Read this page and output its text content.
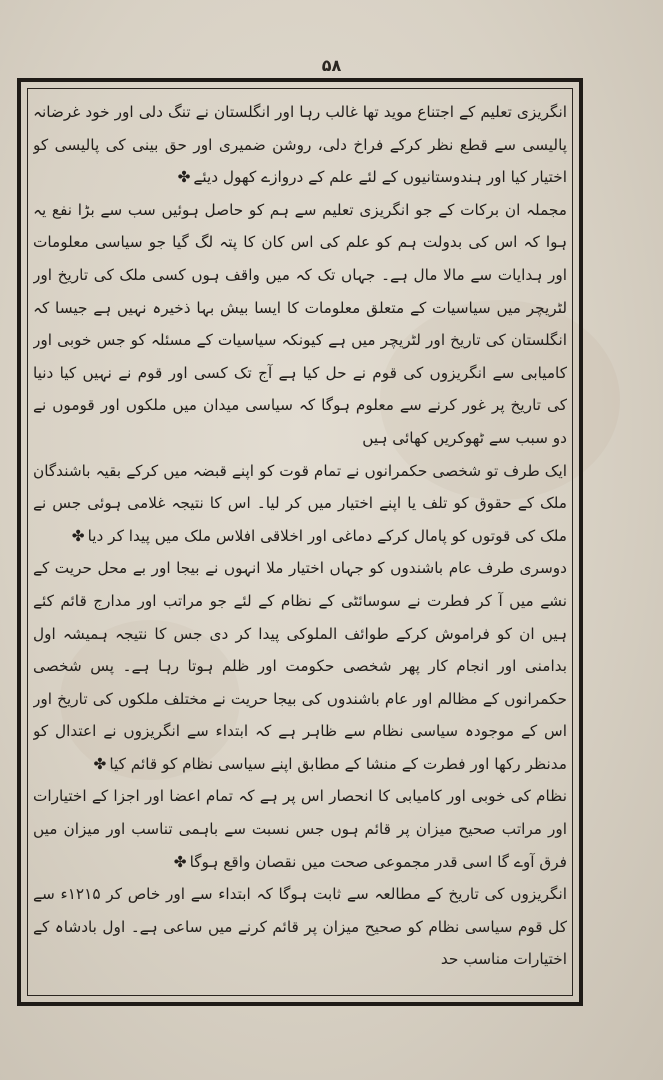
۵۸

انگریزی تعلیم کے اجتناع موید تھا غالب رہا اور انگلستان نے تنگ دلی اور خود غرضانہ پالیسی سے قطع نظر کرکے فراخ دلی، روشن ضمیری اور حق بینی کی پالیسی کو اختیار کیا اور ہندوستانیوں کے لئے علم کے دروازے کھول دیئے✤

مجملہ ان برکات کے جو انگریزی تعلیم سے ہم کو حاصل ہوئیں سب سے بڑا نفع یہ ہوا کہ اس کی بدولت ہم کو علم کی اس کان کا پتہ لگ گیا جو سیاسی معلومات اور ہدایات سے مالا مال ہے۔ جہاں تک کہ میں واقف ہوں کسی ملک کی تاریخ اور لٹریچر میں سیاسیات کے متعلق معلومات کا ایسا بیش بہا ذخیرہ نہیں ہے جیسا کہ انگلستان کی تاریخ اور لٹریچر میں ہے کیونکہ سیاسیات کے مسئلہ کو جس خوبی اور کامیابی سے انگریزوں کی قوم نے حل کیا ہے آج تک کسی اور قوم نے نہیں کیا دنیا کی تاریخ پر غور کرنے سے معلوم ہوگا کہ سیاسی میدان میں ملکوں اور قوموں نے دو سبب سے ٹھوکریں کھائی ہیں

ایک طرف تو شخصی حکمرانوں نے تمام قوت کو اپنے قبضہ میں کرکے بقیہ باشندگان ملک کے حقوق کو تلف یا اپنے اختیار میں کر لیا۔ اس کا نتیجہ غلامی ہوئی جس نے ملک کی قوتوں کو پامال کرکے دماغی اور اخلاقی افلاس ملک میں پیدا کر دیا✤

دوسری طرف عام باشندوں کو جہاں اختیار ملا انہوں نے بیجا اور بے محل حریت کے نشے میں آ کر فطرت نے سوسائٹی کے نظام کے لئے جو مراتب اور مدارج قائم کئے ہیں ان کو فراموش کرکے طوائف الملوکی پیدا کر دی جس کا نتیجہ ہمیشہ اول بدامنی اور انجام کار پھر شخصی حکومت اور ظلم ہوتا رہا ہے۔ پس شخصی حکمرانوں کے مظالم اور عام باشندوں کی بیجا حریت نے مختلف ملکوں کی تاریخ اور اس کے موجودہ سیاسی نظام سے ظاہر ہے کہ ابتداء سے انگریزوں نے اعتدال کو مدنظر رکھا اور فطرت کے منشا کے مطابق اپنے سیاسی نظام کو قائم کیا✤

نظام کی خوبی اور کامیابی کا انحصار اس پر ہے کہ تمام اعضا اور اجزا کے اختیارات اور مراتب صحیح میزان پر قائم ہوں جس نسبت سے باہمی تناسب اور میزان میں فرق آوے گا اسی قدر مجموعی صحت میں نقصان واقع ہوگا✤

انگریزوں کی تاریخ کے مطالعہ سے ثابت ہوگا کہ ابتداء سے اور خاص کر ۱۲۱۵ء سے کل قوم سیاسی نظام کو صحیح میزان پر قائم کرنے میں ساعی ہے۔ اول بادشاہ کے اختیارات مناسب حد
